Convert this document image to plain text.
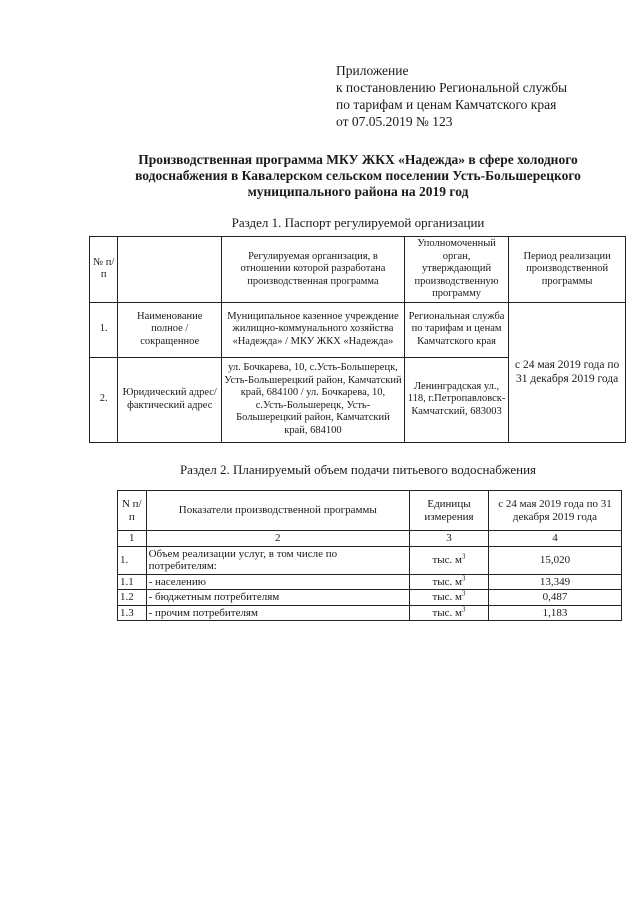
Приложение
к постановлению Региональной службы
по тарифам и ценам Камчатского края
от 07.05.2019 № 123
Производственная программа МКУ ЖКХ «Надежда» в сфере холодного
водоснабжения в Кавалерском сельском поселении Усть-Большерецкого
муниципального района на 2019 год
Раздел 1. Паспорт регулируемой организации
№ п/п		Регулируемая организация, в отношении которой разработана производственная программа	Уполномоченный орган, утверждающий производственную программу	Период реализации производственной программы
1.	Наименование полное / сокращенное	Муниципальное казенное учреждение жилищно-коммунального хозяйства «Надежда» / МКУ ЖКХ «Надежда»	Региональная служба по тарифам и ценам Камчатского края	с 24 мая 2019 года по 31 декабря 2019 года
2.	Юридический адрес/фактический адрес	ул. Бочкарева, 10, с.Усть-Большерецк, Усть-Большерецкий район, Камчатский край, 684100 / ул. Бочкарева, 10, с.Усть-Большерецк, Усть-Большерецкий район, Камчатский край, 684100	Ленинградская ул., 118, г.Петропавловск-Камчатский, 683003	
Раздел 2. Планируемый объем подачи питьевого водоснабжения
N п/п	Показатели производственной программы	Единицы измерения	с 24 мая 2019 года по 31 декабря 2019 года
1	2	3	4
1.	Объем реализации услуг, в том числе по потребителям:	тыс. $м^3$	15,020
1.1	- населению	тыс. $м^3$	13,349
1.2	- бюджетным потребителям	тыс. $м^3$	0,487
1.3	- прочим потребителям	тыс. $м^3$	1,183
